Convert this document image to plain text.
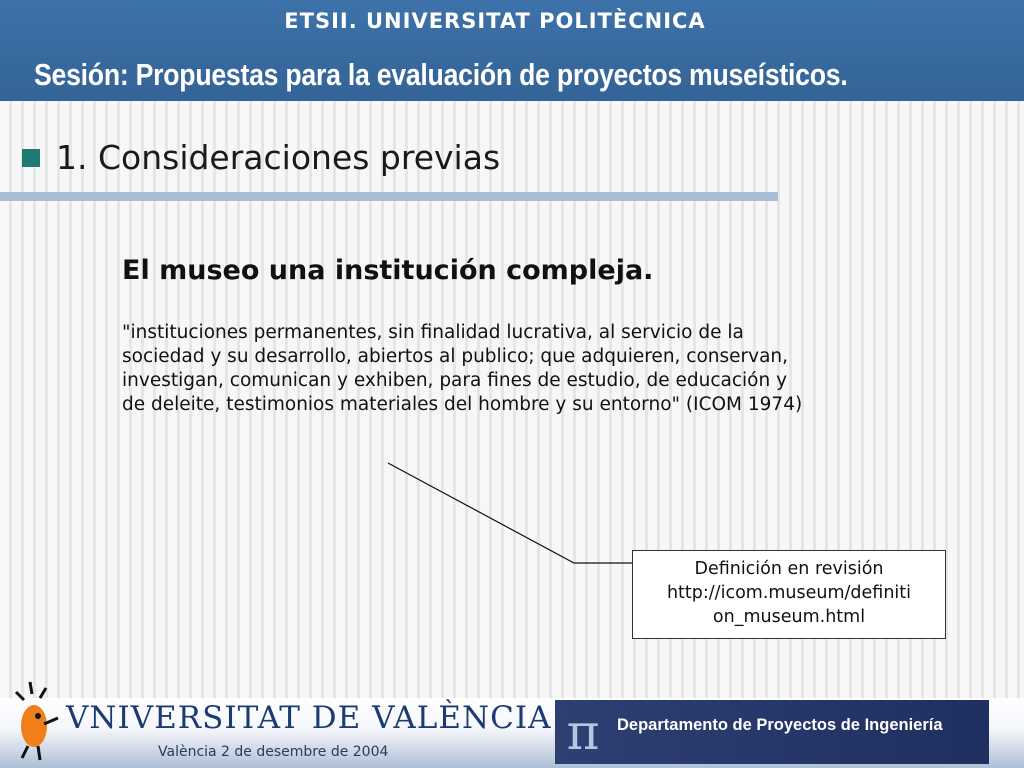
ETSII. UNIVERSITAT POLITÈCNICA
Sesión: Propuestas para la evaluación de proyectos museísticos.
1. Consideraciones previas
El museo una institución compleja.
"instituciones permanentes, sin finalidad lucrativa, al servicio de la sociedad y su desarrollo, abiertos al publico; que adquieren, conservan, investigan, comunican y exhiben, para fines de estudio, de educación y de deleite, testimonios materiales del hombre y su entorno" (ICOM 1974)
Definición en revisión
http://icom.museum/definiti
on_museum.html
VNIVERSITAT DE VALÈNCIA
València 2 de desembre de 2004	π	Departamento de Proyectos de Ingeniería
